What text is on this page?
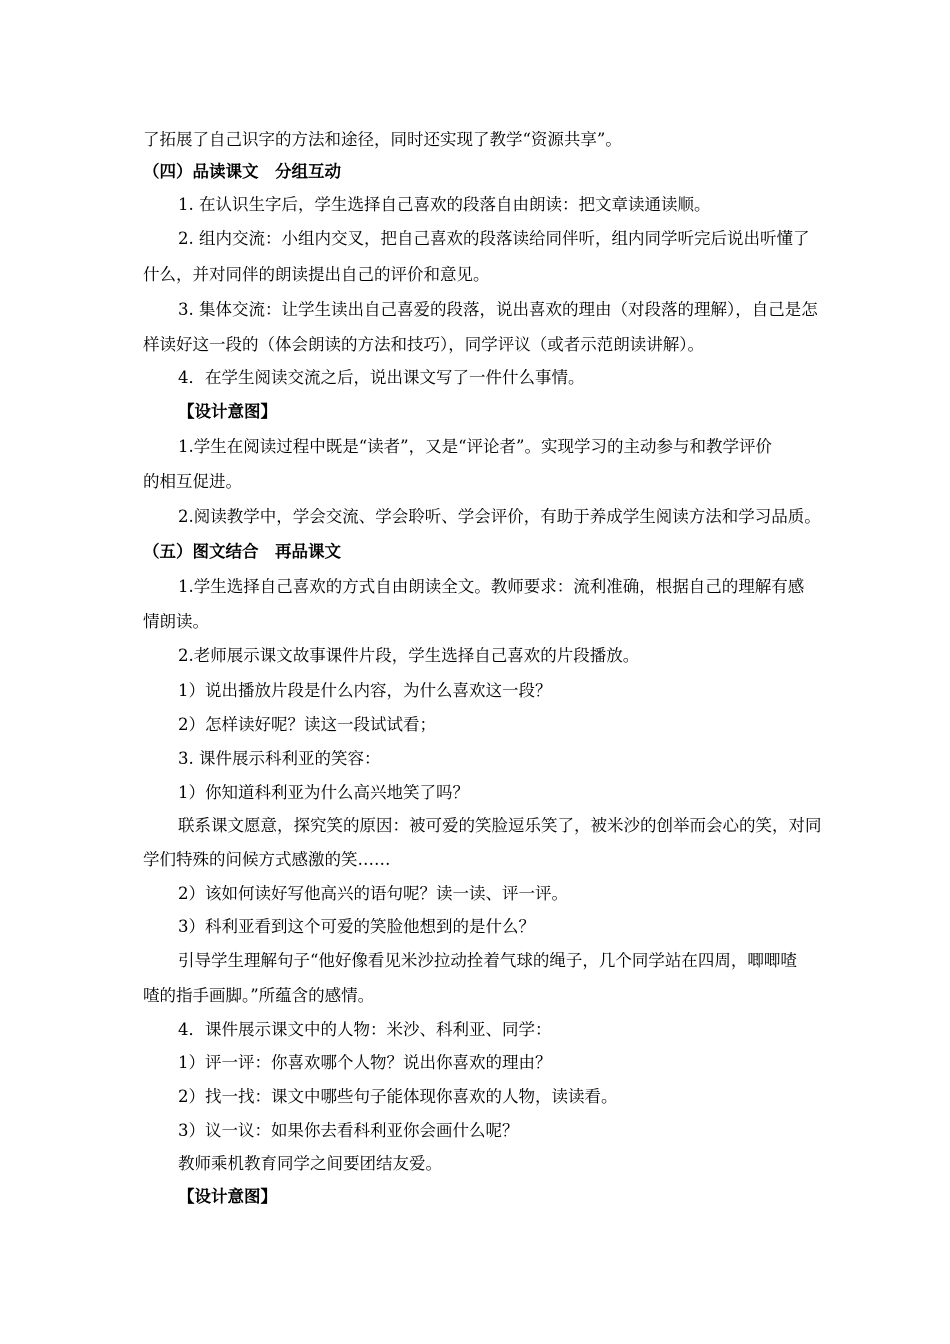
了拓展了自己识字的方法和途径，同时还实现了教学“资源共享”。
（四）品读课文　分组互动
1. 在认识生字后，学生选择自己喜欢的段落自由朗读：把文章读通读顺。
2. 组内交流：小组内交叉，把自己喜欢的段落读给同伴听，组内同学听完后说出听懂了
什么，并对同伴的朗读提出自己的评价和意见。
3. 集体交流：让学生读出自己喜爱的段落，说出喜欢的理由（对段落的理解），自己是怎
样读好这一段的（体会朗读的方法和技巧），同学评议（或者示范朗读讲解）。
4．在学生阅读交流之后，说出课文写了一件什么事情。
【设计意图】
1.学生在阅读过程中既是“读者”，又是“评论者”。实现学习的主动参与和教学评价
的相互促进。
2.阅读教学中，学会交流、学会聆听、学会评价，有助于养成学生阅读方法和学习品质。
（五）图文结合　再品课文
1.学生选择自己喜欢的方式自由朗读全文。教师要求：流利准确，根据自己的理解有感
情朗读。
2.老师展示课文故事课件片段，学生选择自己喜欢的片段播放。
1）说出播放片段是什么内容，为什么喜欢这一段？
2）怎样读好呢？读这一段试试看；
3. 课件展示科利亚的笑容：
1）你知道科利亚为什么高兴地笑了吗？
联系课文愿意，探究笑的原因：被可爱的笑脸逗乐笑了，被米沙的创举而会心的笑，对同
学们特殊的问候方式感激的笑……
2）该如何读好写他高兴的语句呢？读一读、评一评。
3）科利亚看到这个可爱的笑脸他想到的是什么？
引导学生理解句子“他好像看见米沙拉动拴着气球的绳子，几个同学站在四周，唧唧喳
喳的指手画脚。”所蕴含的感情。
4．课件展示课文中的人物：米沙、科利亚、同学：
1）评一评：你喜欢哪个人物？说出你喜欢的理由？
2）找一找：课文中哪些句子能体现你喜欢的人物，读读看。
3）议一议：如果你去看科利亚你会画什么呢？
教师乘机教育同学之间要团结友爱。
【设计意图】
